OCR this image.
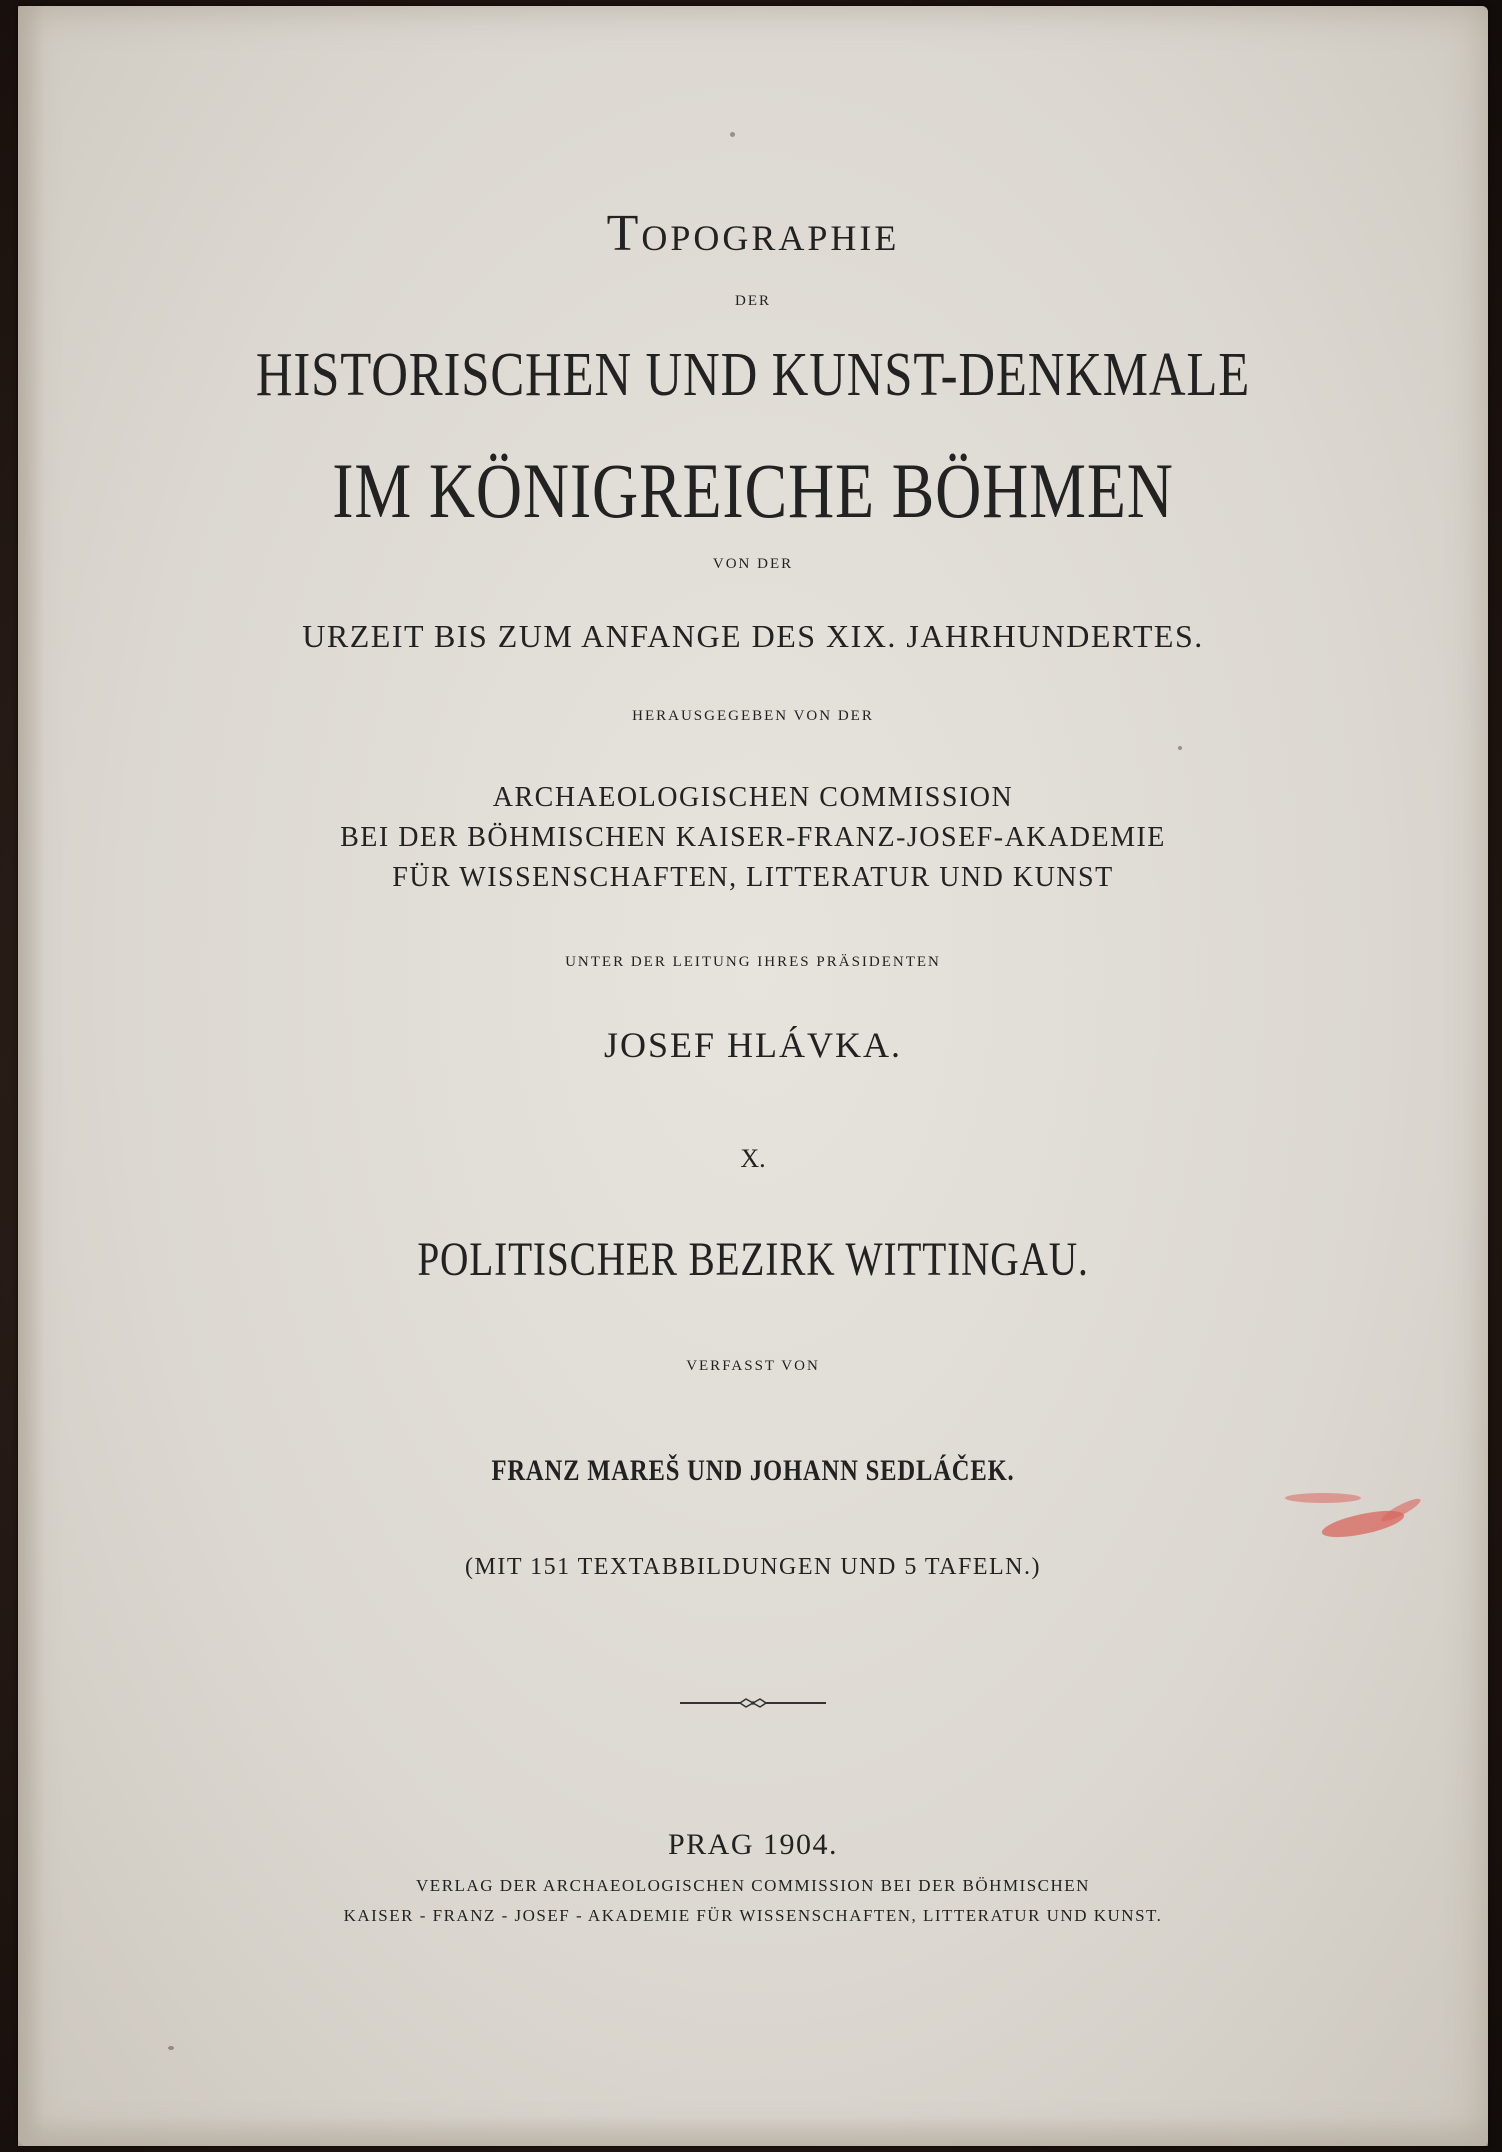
Topographie
DER
HISTORISCHEN UND KUNST-DENKMALE
IM KÖNIGREICHE BÖHMEN
VON DER
URZEIT BIS ZUM ANFANGE DES XIX. JAHRHUNDERTES.
HERAUSGEGEBEN VON DER
ARCHAEOLOGISCHEN COMMISSION
BEI DER BÖHMISCHEN KAISER-FRANZ-JOSEF-AKADEMIE
FÜR WISSENSCHAFTEN, LITTERATUR UND KUNST
UNTER DER LEITUNG IHRES PRÄSIDENTEN
JOSEF HLÁVKA.
X.
POLITISCHER BEZIRK WITTINGAU.
VERFASST VON
FRANZ MAREŠ UND JOHANN SEDLÁČEK.
(MIT 151 TEXTABBILDUNGEN UND 5 TAFELN.)
PRAG 1904.
VERLAG DER ARCHAEOLOGISCHEN COMMISSION BEI DER BÖHMISCHEN
KAISER - FRANZ - JOSEF - AKADEMIE FÜR WISSENSCHAFTEN, LITTERATUR UND KUNST.
